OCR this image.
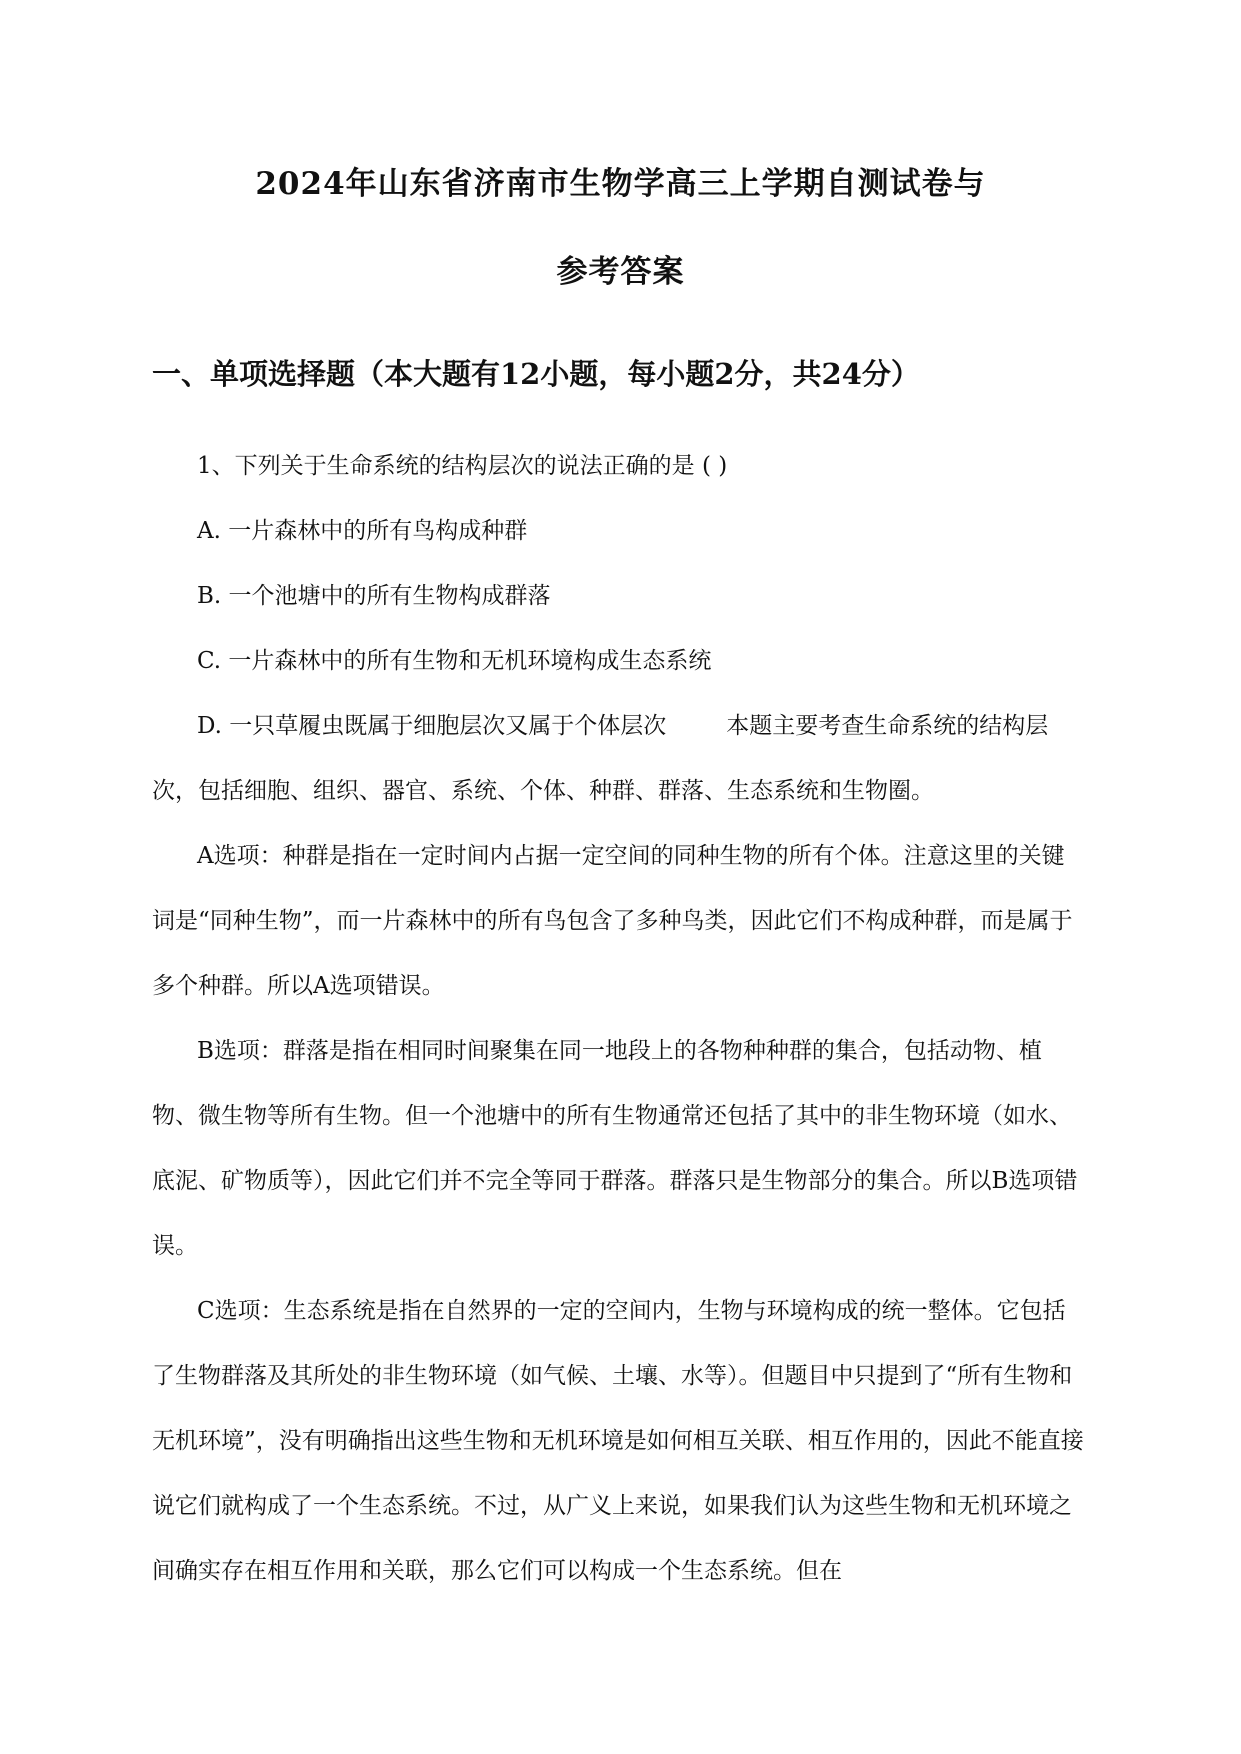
2024年山东省济南市生物学高三上学期自测试卷与
参考答案
一、单项选择题（本大题有12小题，每小题2分，共24分）

1、下列关于生命系统的结构层次的说法正确的是 ( )

A. 一片森林中的所有鸟构成种群

B. 一个池塘中的所有生物构成群落

C. 一片森林中的所有生物和无机环境构成生态系统

D. 一只草履虫既属于细胞层次又属于个体层次	本题主要考查生命系统的结构层次，包括细胞、组织、器官、系统、个体、种群、群落、生态系统和生物圈。

A选项：种群是指在一定时间内占据一定空间的同种生物的所有个体。注意这里的关键词是“同种生物”，而一片森林中的所有鸟包含了多种鸟类，因此它们不构成种群，而是属于多个种群。所以A选项错误。

B选项：群落是指在相同时间聚集在同一地段上的各物种种群的集合，包括动物、植物、微生物等所有生物。但一个池塘中的所有生物通常还包括了其中的非生物环境（如水、底泥、矿物质等），因此它们并不完全等同于群落。群落只是生物部分的集合。所以B选项错误。

C选项：生态系统是指在自然界的一定的空间内，生物与环境构成的统一整体。它包括了生物群落及其所处的非生物环境（如气候、土壤、水等）。但题目中只提到了“所有生物和无机环境”，没有明确指出这些生物和无机环境是如何相互关联、相互作用的，因此不能直接说它们就构成了一个生态系统。不过，从广义上来说，如果我们认为这些生物和无机环境之间确实存在相互作用和关联，那么它们可以构成一个生态系统。但在
